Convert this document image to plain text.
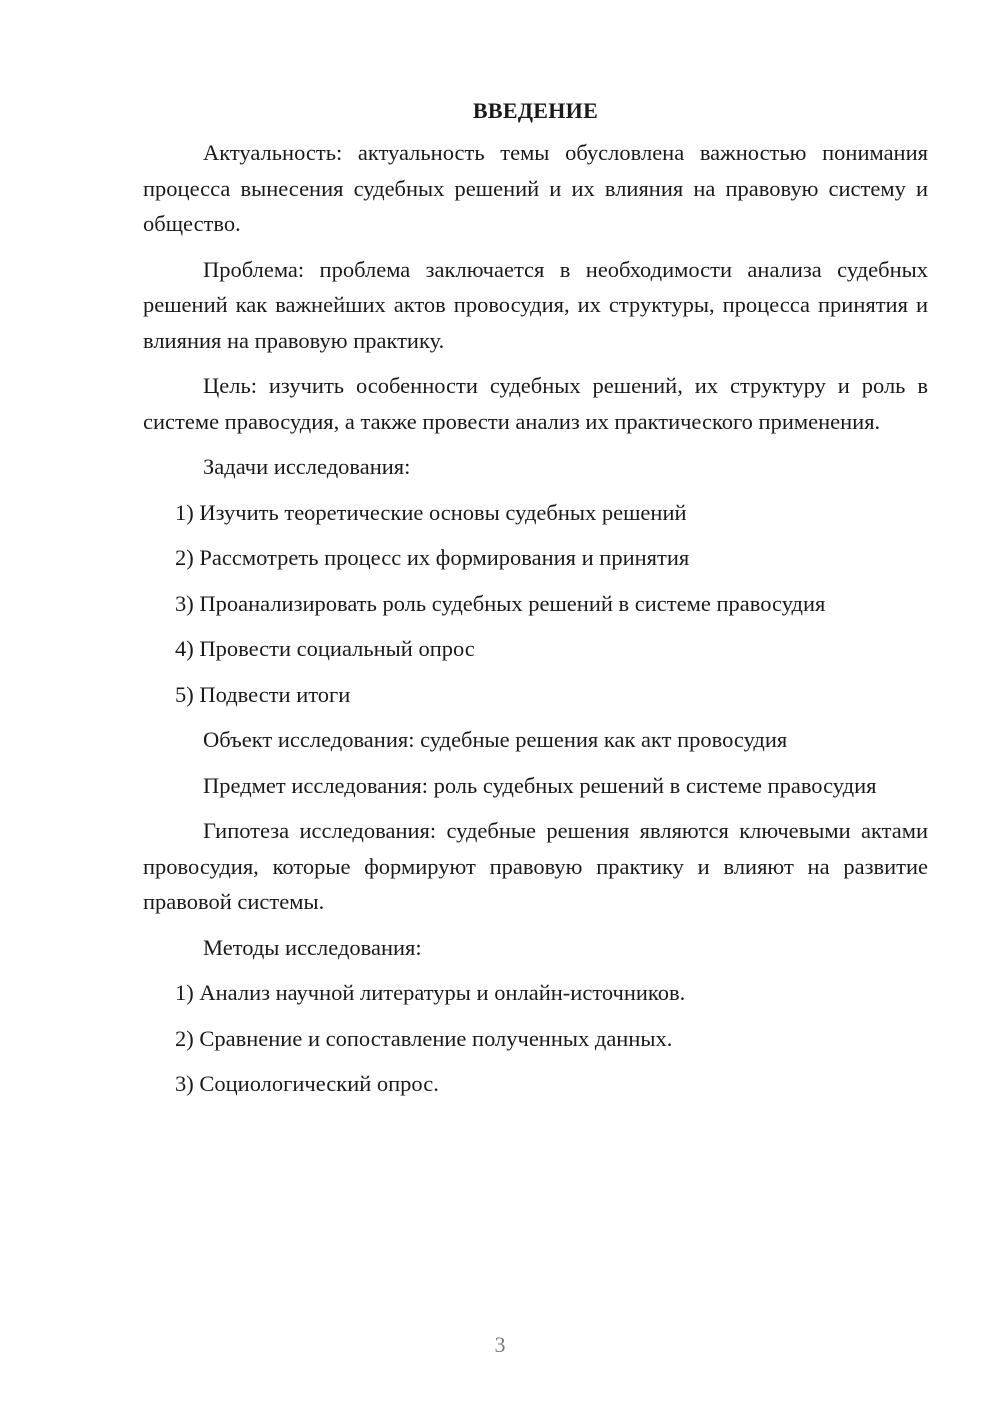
ВВЕДЕНИЕ

Актуальность: актуальность темы обусловлена важностью понимания процесса вынесения судебных решений и их влияния на правовую систему и общество.

Проблема: проблема заключается в необходимости анализа судебных решений как важнейших актов провосудия, их структуры, процесса принятия и влияния на правовую практику.

Цель: изучить особенности судебных решений, их структуру и роль в системе правосудия, а также провести анализ их практического применения.

Задачи исследования:

1) Изучить теоретические основы судебных решений

2) Рассмотреть процесс их формирования и принятия

3) Проанализировать роль судебных решений в системе правосудия

4) Провести социальный опрос

5) Подвести итоги

Объект исследования: судебные решения как акт провосудия

Предмет исследования: роль судебных решений в системе правосудия

Гипотеза исследования: судебные решения являются ключевыми актами провосудия, которые формируют правовую практику и влияют на развитие правовой системы.

Методы исследования:

1) Анализ научной литературы и онлайн-источников.

2) Сравнение и сопоставление полученных данных.

3) Социологический опрос.

3
